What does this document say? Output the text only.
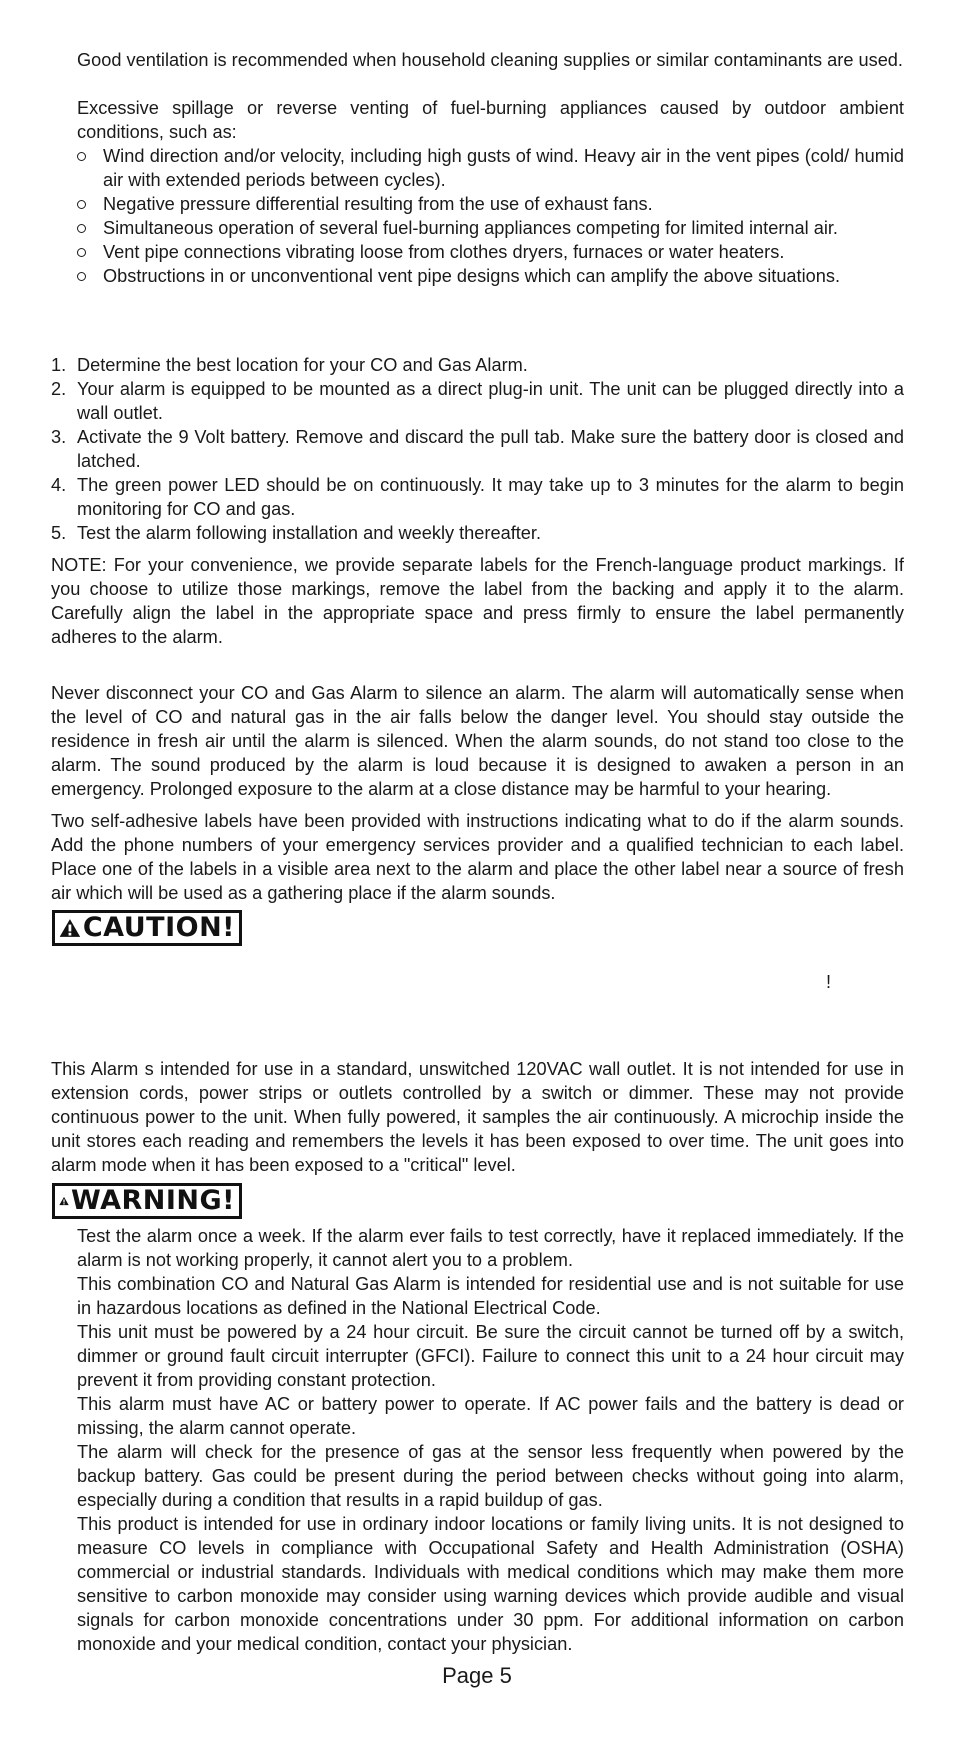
Good ventilation is recommended when household cleaning supplies or similar contaminants are used.

Excessive spillage or reverse venting of fuel-burning appliances caused by outdoor ambient conditions, such as:

Wind direction and/or velocity, including high gusts of wind. Heavy air in the vent pipes (cold/ humid air with extended periods between cycles).
Negative pressure differential resulting from the use of exhaust fans.
Simultaneous operation of several fuel-burning appliances competing for limited internal air.
Vent pipe connections vibrating loose from clothes dryers, furnaces or water heaters.
Obstructions in or unconventional vent pipe designs which can amplify the above situations.
1. Determine the best location for your CO and Gas Alarm.
2. Your alarm is equipped to be mounted as a direct plug-in unit. The unit can be plugged directly into a wall outlet.
3. Activate the 9 Volt battery. Remove and discard the pull tab. Make sure the battery door is closed and latched.
4. The green power LED should be on continuously. It may take up to 3 minutes for the alarm to begin monitoring for CO and gas.
5. Test the alarm following installation and weekly thereafter.

NOTE: For your convenience, we provide separate labels for the French-language product markings. If you choose to utilize those markings, remove the label from the backing and apply it to the alarm. Carefully align the label in the appropriate space and press firmly to ensure the label permanently adheres to the alarm.

Never disconnect your CO and Gas Alarm to silence an alarm. The alarm will automatically sense when the level of CO and natural gas in the air falls below the danger level. You should stay outside the residence in fresh air until the alarm is silenced. When the alarm sounds, do not stand too close to the alarm. The sound produced by the alarm is loud because it is designed to awaken a person in an emergency. Prolonged exposure to the alarm at a close distance may be harmful to your hearing.

Two self-adhesive labels have been provided with instructions indicating what to do if the alarm sounds. Add the phone numbers of your emergency services provider and a qualified technician to each label. Place one of the labels in a visible area next to the alarm and place the other label near a source of fresh air which will be used as a gathering place if the alarm sounds.

CAUTION!
!

This Alarm s intended for use in a standard, unswitched 120VAC wall outlet. It is not intended for use in extension cords, power strips or outlets controlled by a switch or dimmer. These may not provide continuous power to the unit. When fully powered, it samples the air continuously. A microchip inside the unit stores each reading and remembers the levels it has been exposed to over time. The unit goes into alarm mode when it has been exposed to a "critical" level.

WARNING!

Test the alarm once a week. If the alarm ever fails to test correctly, have it replaced immediately. If the alarm is not working properly, it cannot alert you to a problem.

This combination CO and Natural Gas Alarm is intended for residential use and is not suitable for use in hazardous locations as defined in the National Electrical Code.

This unit must be powered by a 24 hour circuit. Be sure the circuit cannot be turned off by a switch, dimmer or ground fault circuit interrupter (GFCI). Failure to connect this unit to a 24 hour circuit may prevent it from providing constant protection.

This alarm must have AC or battery power to operate. If AC power fails and the battery is dead or missing, the alarm cannot operate.

The alarm will check for the presence of gas at the sensor less frequently when powered by the backup battery. Gas could be present during the period between checks without going into alarm, especially during a condition that results in a rapid buildup of gas.

This product is intended for use in ordinary indoor locations or family living units. It is not designed to measure CO levels in compliance with Occupational Safety and Health Administration (OSHA) commercial or industrial standards. Individuals with medical conditions which may make them more sensitive to carbon monoxide may consider using warning devices which provide audible and visual signals for carbon monoxide concentrations under 30 ppm. For additional information on carbon monoxide and your medical condition, contact your physician.

Page 5
